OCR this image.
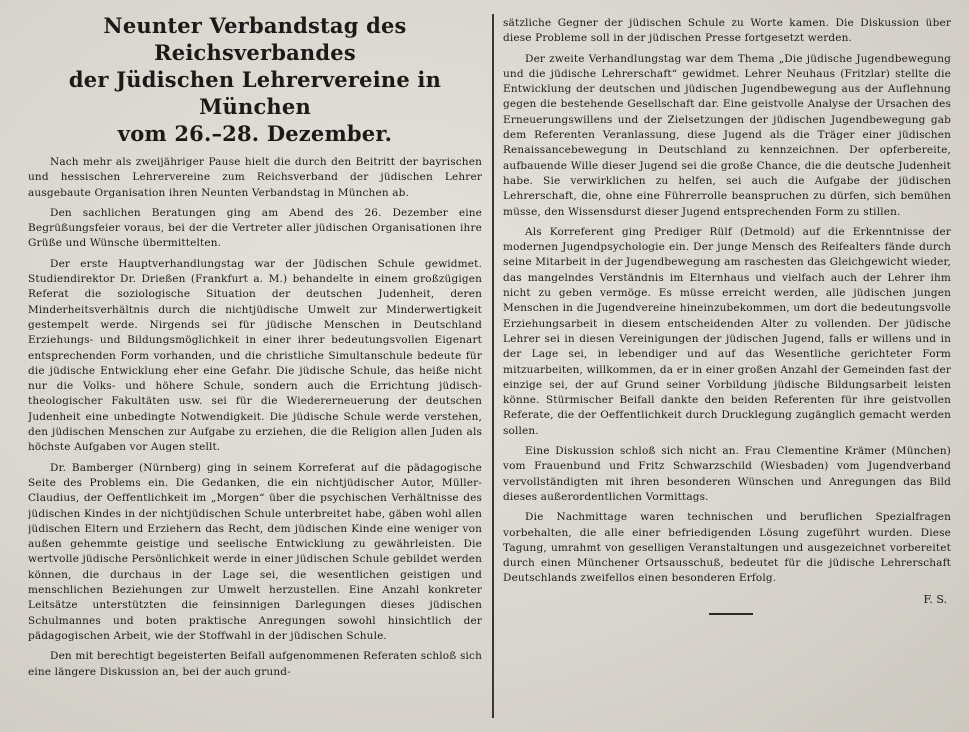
Neunter Verbandstag des Reichsverbandes
der Jüdischen Lehrervereine in München
vom 26.–28. Dezember.

Nach mehr als zweijähriger Pause hielt die durch den Beitritt der bayrischen und hessischen Lehrervereine zum Reichsverband der jüdischen Lehrer ausgebaute Organisation ihren Neunten Verbandstag in München ab.

Den sachlichen Beratungen ging am Abend des 26. Dezember eine Begrüßungsfeier voraus, bei der die Vertreter aller jüdischen Organisationen ihre Grüße und Wünsche übermittelten.

Der erste Hauptverhandlungstag war der Jüdischen Schule gewidmet. Studiendirektor Dr. Drießen (Frankfurt a. M.) behandelte in einem großzügigen Referat die soziologische Situation der deutschen Judenheit, deren Minderheitsverhältnis durch die nichtjüdische Umwelt zur Minderwertigkeit gestempelt werde. Nirgends sei für jüdische Menschen in Deutschland Erziehungs- und Bildungsmöglichkeit in einer ihrer bedeutungsvollen Eigenart entsprechenden Form vorhanden, und die christliche Simultanschule bedeute für die jüdische Entwicklung eher eine Gefahr. Die jüdische Schule, das heiße nicht nur die Volks- und höhere Schule, sondern auch die Errichtung jüdisch-theologischer Fakultäten usw. sei für die Wiedererneuerung der deutschen Judenheit eine unbedingte Notwendigkeit. Die jüdische Schule werde verstehen, den jüdischen Menschen zur Aufgabe zu erziehen, die die Religion allen Juden als höchste Aufgaben vor Augen stellt.

Dr. Bamberger (Nürnberg) ging in seinem Korreferat auf die pädagogische Seite des Problems ein. Die Gedanken, die ein nichtjüdischer Autor, Müller-Claudius, der Oeffentlichkeit im „Morgen“ über die psychischen Verhältnisse des jüdischen Kindes in der nichtjüdischen Schule unterbreitet habe, gäben wohl allen jüdischen Eltern und Erziehern das Recht, dem jüdischen Kinde eine weniger von außen gehemmte geistige und seelische Entwicklung zu gewährleisten. Die wertvolle jüdische Persönlichkeit werde in einer jüdischen Schule gebildet werden können, die durchaus in der Lage sei, die wesentlichen geistigen und menschlichen Beziehungen zur Umwelt herzustellen. Eine Anzahl konkreter Leitsätze unterstützten die feinsinnigen Darlegungen dieses jüdischen Schulmannes und boten praktische Anregungen sowohl hinsichtlich der pädagogischen Arbeit, wie der Stoffwahl in der jüdischen Schule.

Den mit berechtigt begeisterten Beifall aufgenommenen Referaten schloß sich eine längere Diskussion an, bei der auch grund-

sätzliche Gegner der jüdischen Schule zu Worte kamen. Die Diskussion über diese Probleme soll in der jüdischen Presse fortgesetzt werden.

Der zweite Verhandlungstag war dem Thema „Die jüdische Jugendbewegung und die jüdische Lehrerschaft“ gewidmet. Lehrer Neuhaus (Fritzlar) stellte die Entwicklung der deutschen und jüdischen Jugendbewegung aus der Auflehnung gegen die bestehende Gesellschaft dar. Eine geistvolle Analyse der Ursachen des Erneuerungswillens und der Zielsetzungen der jüdischen Jugendbewegung gab dem Referenten Veranlassung, diese Jugend als die Träger einer jüdischen Renaissancebewegung in Deutschland zu kennzeichnen. Der opferbereite, aufbauende Wille dieser Jugend sei die große Chance, die die deutsche Judenheit habe. Sie verwirklichen zu helfen, sei auch die Aufgabe der jüdischen Lehrerschaft, die, ohne eine Führerrolle beanspruchen zu dürfen, sich bemühen müsse, den Wissensdurst dieser Jugend entsprechenden Form zu stillen.

Als Korreferent ging Prediger Rülf (Detmold) auf die Erkenntnisse der modernen Jugendpsychologie ein. Der junge Mensch des Reifealters fände durch seine Mitarbeit in der Jugendbewegung am raschesten das Gleichgewicht wieder, das mangelndes Verständnis im Elternhaus und vielfach auch der Lehrer ihm nicht zu geben vermöge. Es müsse erreicht werden, alle jüdischen jungen Menschen in die Jugendvereine hineinzubekommen, um dort die bedeutungsvolle Erziehungsarbeit in diesem entscheidenden Alter zu vollenden. Der jüdische Lehrer sei in diesen Vereinigungen der jüdischen Jugend, falls er willens und in der Lage sei, in lebendiger und auf das Wesentliche gerichteter Form mitzuarbeiten, willkommen, da er in einer großen Anzahl der Gemeinden fast der einzige sei, der auf Grund seiner Vorbildung jüdische Bildungsarbeit leisten könne. Stürmischer Beifall dankte den beiden Referenten für ihre geistvollen Referate, die der Oeffentlichkeit durch Drucklegung zugänglich gemacht werden sollen.

Eine Diskussion schloß sich nicht an. Frau Clementine Krämer (München) vom Frauenbund und Fritz Schwarzschild (Wiesbaden) vom Jugendverband vervollständigten mit ihren besonderen Wünschen und Anregungen das Bild dieses außerordentlichen Vormittags.

Die Nachmittage waren technischen und beruflichen Spezialfragen vorbehalten, die alle einer befriedigenden Lösung zugeführt wurden. Diese Tagung, umrahmt von geselligen Veranstaltungen und ausgezeichnet vorbereitet durch einen Münchener Ortsausschuß, bedeutet für die jüdische Lehrerschaft Deutschlands zweifellos einen besonderen Erfolg.

F. S.
